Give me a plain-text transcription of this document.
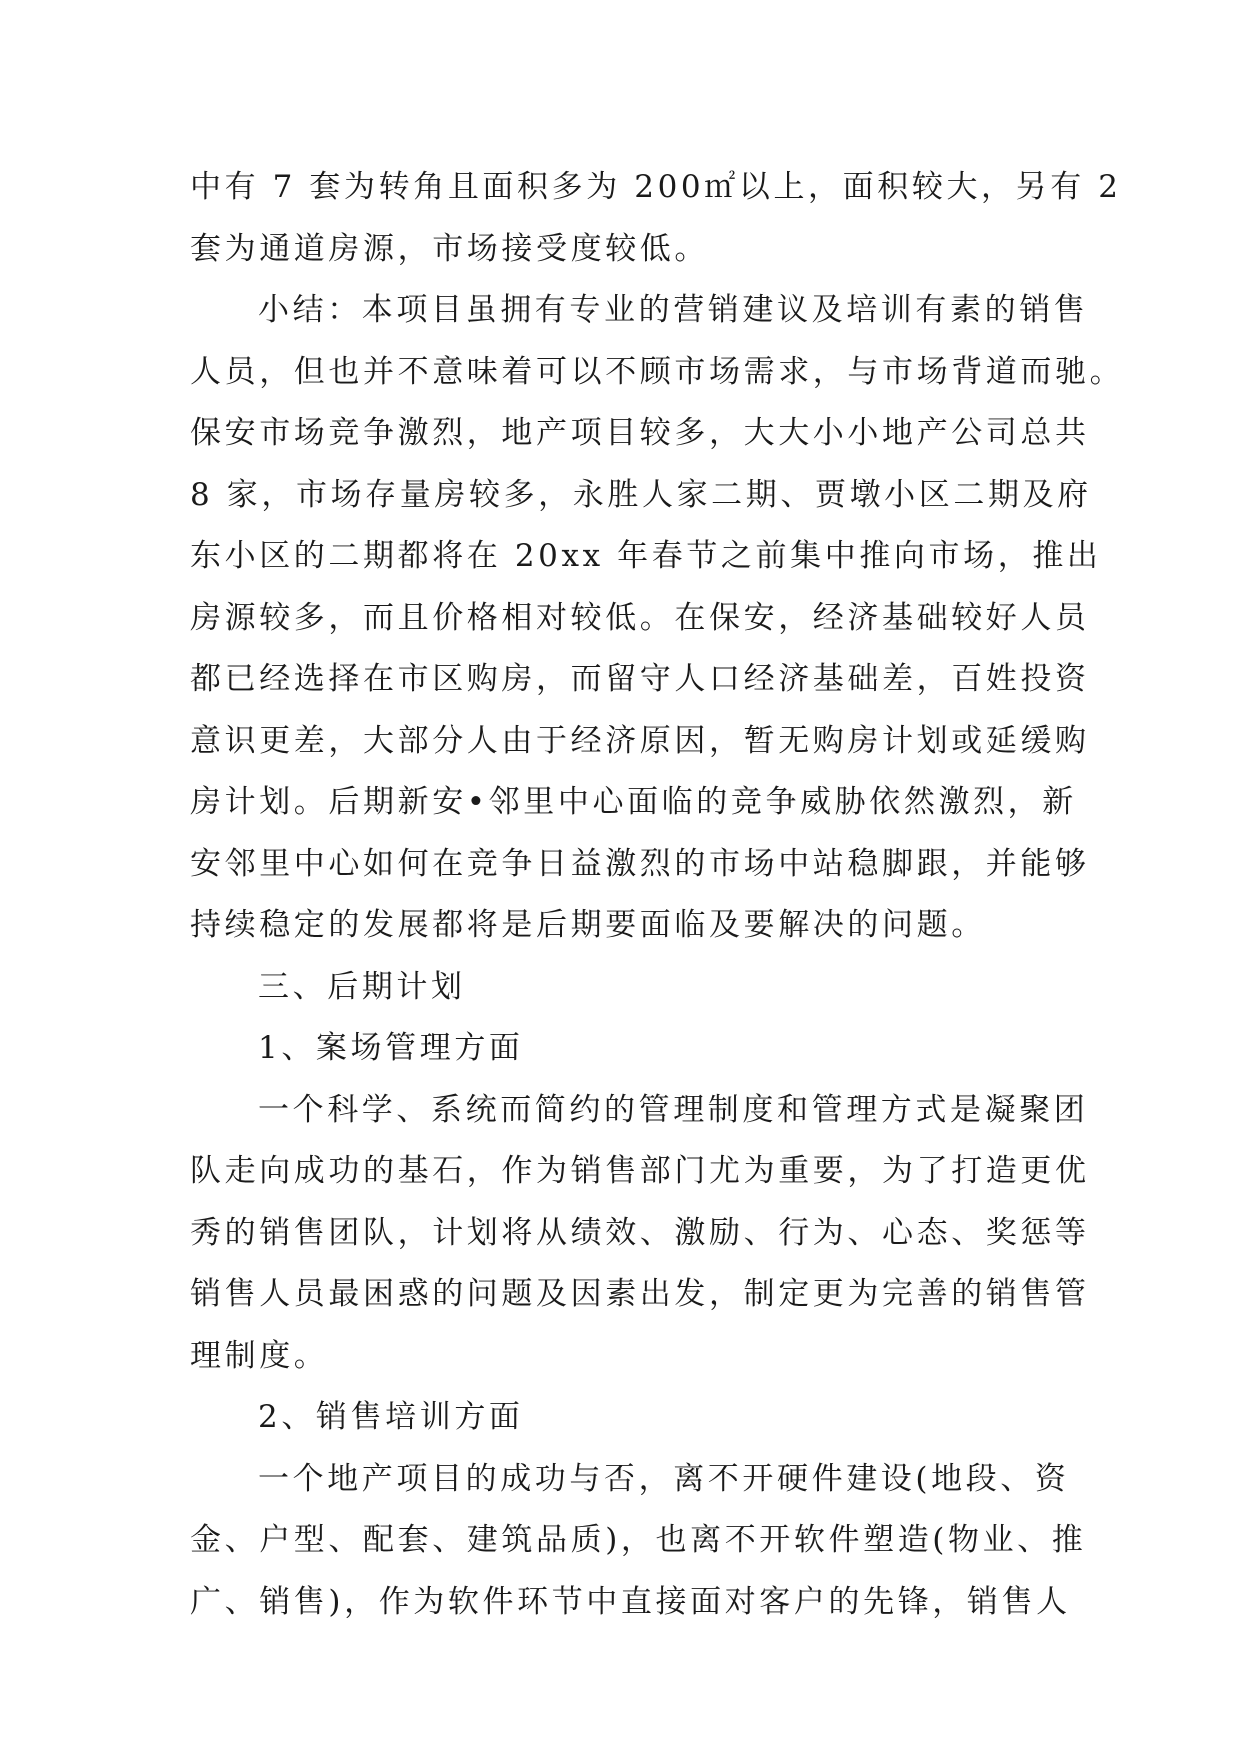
中有 7 套为转角且面积多为 200㎡以上，面积较大，另有 2
套为通道房源，市场接受度较低。
小结：本项目虽拥有专业的营销建议及培训有素的销售
人员，但也并不意味着可以不顾市场需求，与市场背道而驰。
保安市场竞争激烈，地产项目较多，大大小小地产公司总共
8 家，市场存量房较多，永胜人家二期、贾墩小区二期及府
东小区的二期都将在 20xx 年春节之前集中推向市场，推出
房源较多，而且价格相对较低。在保安，经济基础较好人员
都已经选择在市区购房，而留守人口经济基础差，百姓投资
意识更差，大部分人由于经济原因，暂无购房计划或延缓购
房计划。后期新安•邻里中心面临的竞争威胁依然激烈，新
安邻里中心如何在竞争日益激烈的市场中站稳脚跟，并能够
持续稳定的发展都将是后期要面临及要解决的问题。
三、后期计划
1、案场管理方面
一个科学、系统而简约的管理制度和管理方式是凝聚团
队走向成功的基石，作为销售部门尤为重要，为了打造更优
秀的销售团队，计划将从绩效、激励、行为、心态、奖惩等
销售人员最困惑的问题及因素出发，制定更为完善的销售管
理制度。
2、销售培训方面
一个地产项目的成功与否，离不开硬件建设(地段、资
金、户型、配套、建筑品质)，也离不开软件塑造(物业、推
广、销售)，作为软件环节中直接面对客户的先锋，销售人
